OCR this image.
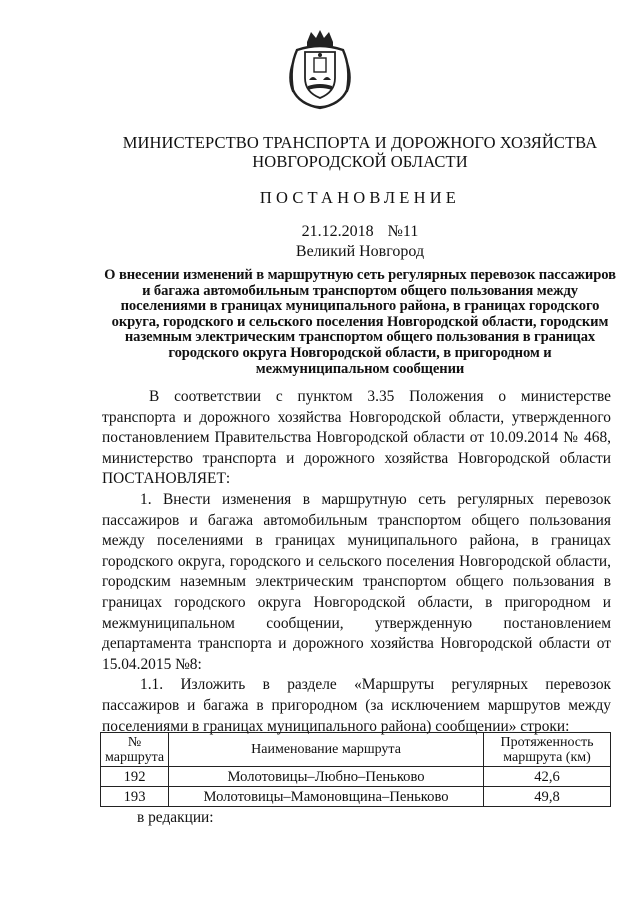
МИНИСТЕРСТВО ТРАНСПОРТА И ДОРОЖНОГО ХОЗЯЙСТВА
НОВГОРОДСКОЙ ОБЛАСТИ
ПОСТАНОВЛЕНИЕ
21.12.2018 №11
Великий Новгород
О внесении изменений в маршрутную сеть регулярных перевозок пассажиров и багажа автомобильным транспортом общего пользования между поселениями в границах муниципального района, в границах городского округа, городского и сельского поселения Новгородской области, городским наземным электрическим транспортом общего пользования в границах городского округа Новгородской области, в пригородном и межмуниципальном сообщении

В соответствии с пунктом 3.35 Положения о министерстве транспорта и дорожного хозяйства Новгородской области, утвержденного постановлением Правительства Новгородской области от 10.09.2014 № 468, министерство транспорта и дорожного хозяйства Новгородской области ПОСТАНОВЛЯЕТ:

1. Внести изменения в маршрутную сеть регулярных перевозок пассажиров и багажа автомобильным транспортом общего пользования между поселениями в границах муниципального района, в границах городского округа, городского и сельского поселения Новгородской области, городским наземным электрическим транспортом общего пользования в границах городского округа Новгородской области, в пригородном и межмуниципальном сообщении, утвержденную постановлением департамента транспорта и дорожного хозяйства Новгородской области от 15.04.2015 №8:

1.1. Изложить в разделе «Маршруты регулярных перевозок пассажиров и багажа в пригородном (за исключением маршрутов между поселениями в границах муниципального района) сообщении» строки:

№ маршрута	Наименование маршрута	Протяженность маршрута (км)
192	Молотовицы–Любно–Пеньково	42,6
193	Молотовицы–Мамоновщина–Пеньково	49,8
в редакции:
